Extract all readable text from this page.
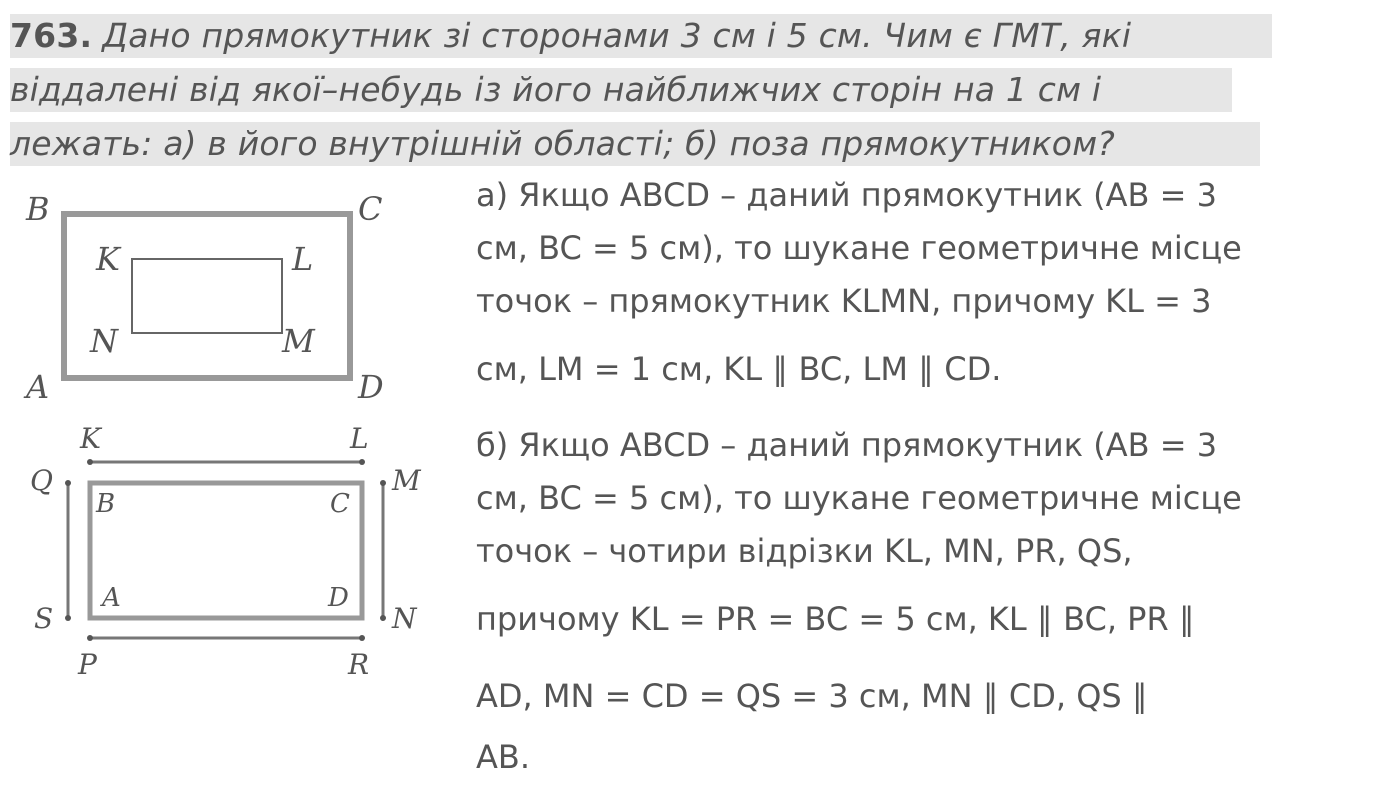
763. Дано прямокутник зі сторонами 3 см і 5 см. Чим є ГМТ, які
віддалені від якої–небудь із його найближчих сторін на 1 см і
лежать: а) в його внутрішній області; б) поза прямокутником?
B	C
A	D
K	L
N	M
K	L
Q	M
B	C
A	D
S	N
P	R
а) Якщо ABCD – даний прямокутник (AB = 3
см, BC = 5 см), то шукане геометричне місце
точок – прямокутник KLMN, причому KL = 3
см, LM = 1 см, KL ∥ BC, LM ∥ CD.
б) Якщо ABCD – даний прямокутник (AB = 3
см, BC = 5 см), то шукане геометричне місце
точок – чотири відрізки KL, MN, PR, QS,
причому KL = PR = BC = 5 см, KL ∥ BC, PR ∥
AD, MN = CD = QS = 3 см, MN ∥ CD, QS ∥
AB.
